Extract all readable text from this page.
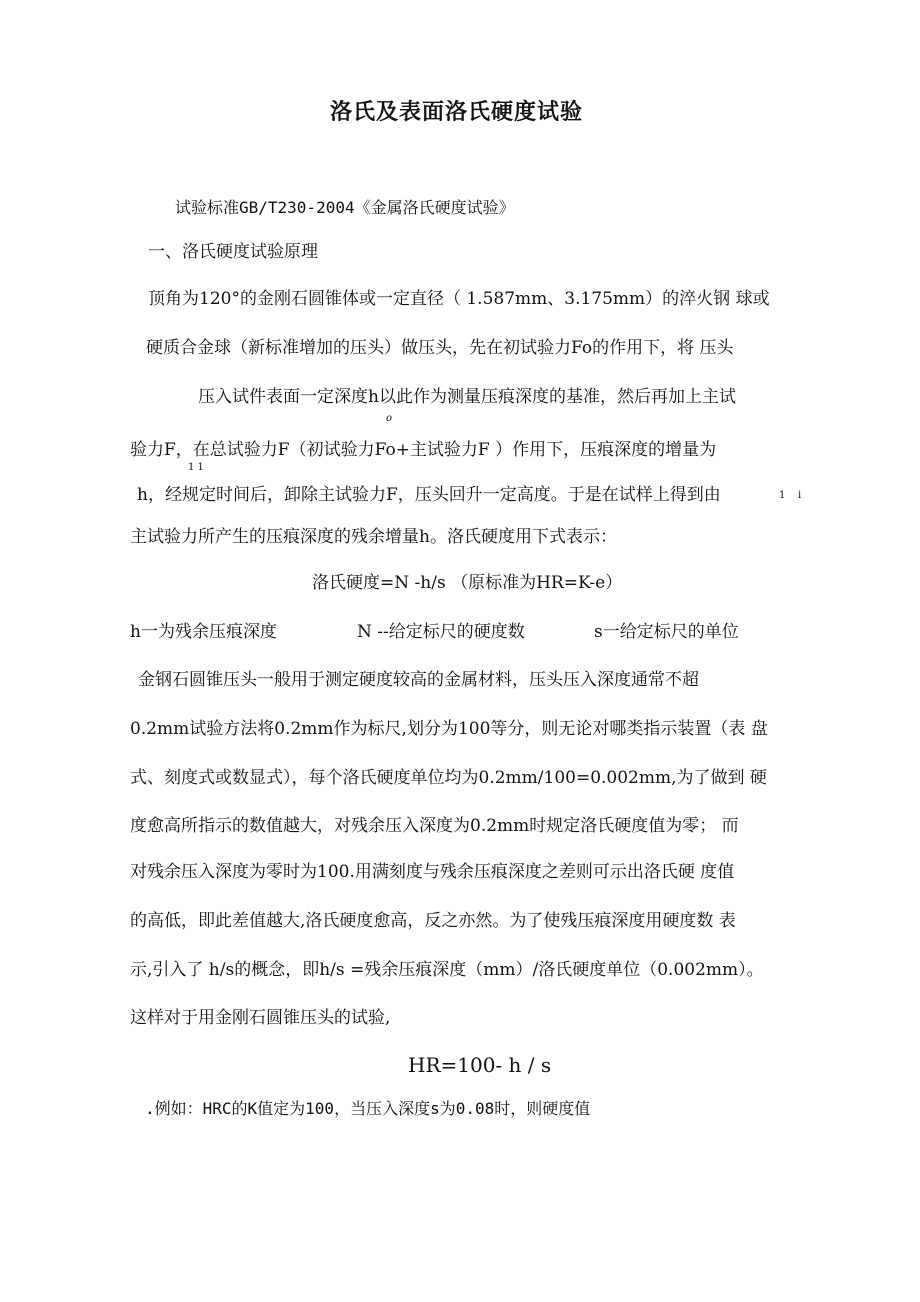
洛氏及表面洛氏硬度试验
试验标准GB/T230-2004《金属洛氏硬度试验》
一、洛氏硬度试验原理
顶角为120°的金刚石圆锥体或一定直径（ 1.587mm、3.175mm）的淬火钢 球或
硬质合金球（新标准增加的压头）做压头，先在初试验力Fo的作用下，将 压头
压入试件表面一定深度h以此作为测量压痕深度的基准，然后再加上主试
o
验力F，在总试验力F（初试验力Fo+主试验力F ）作用下，压痕深度的增量为
1 1
h，经规定时间后，卸除主试验力F，压头回升一定高度。于是在试样上得到由	1 i
主试验力所产生的压痕深度的残余增量h。洛氏硬度用下式表示：
洛氏硬度=N -h/s （原标准为HR=K-e）
h一为残余压痕深度	N --给定标尺的硬度数	s一给定标尺的单位
金钢石圆锥压头一般用于测定硬度较高的金属材料，压头压入深度通常不超
0.2mm试验方法将0.2mm作为标尺,划分为100等分，则无论对哪类指示装置（表 盘
式、刻度式或数显式），每个洛氏硬度单位均为0.2mm/100=0.002mm,为了做到 硬
度愈高所指示的数值越大，对残余压入深度为0.2mm时规定洛氏硬度值为零； 而
对残余压入深度为零时为100.用满刻度与残余压痕深度之差则可示出洛氏硬 度值
的高低，即此差值越大,洛氏硬度愈高，反之亦然。为了使残压痕深度用硬度数 表
示,引入了 h/s的概念，即h/s =残余压痕深度（mm）/洛氏硬度单位（0.002mm）。
这样对于用金刚石圆锥压头的试验,
HR=100- h / s
.例如：HRC的K值定为100，当压入深度s为0.08时，则硬度值
